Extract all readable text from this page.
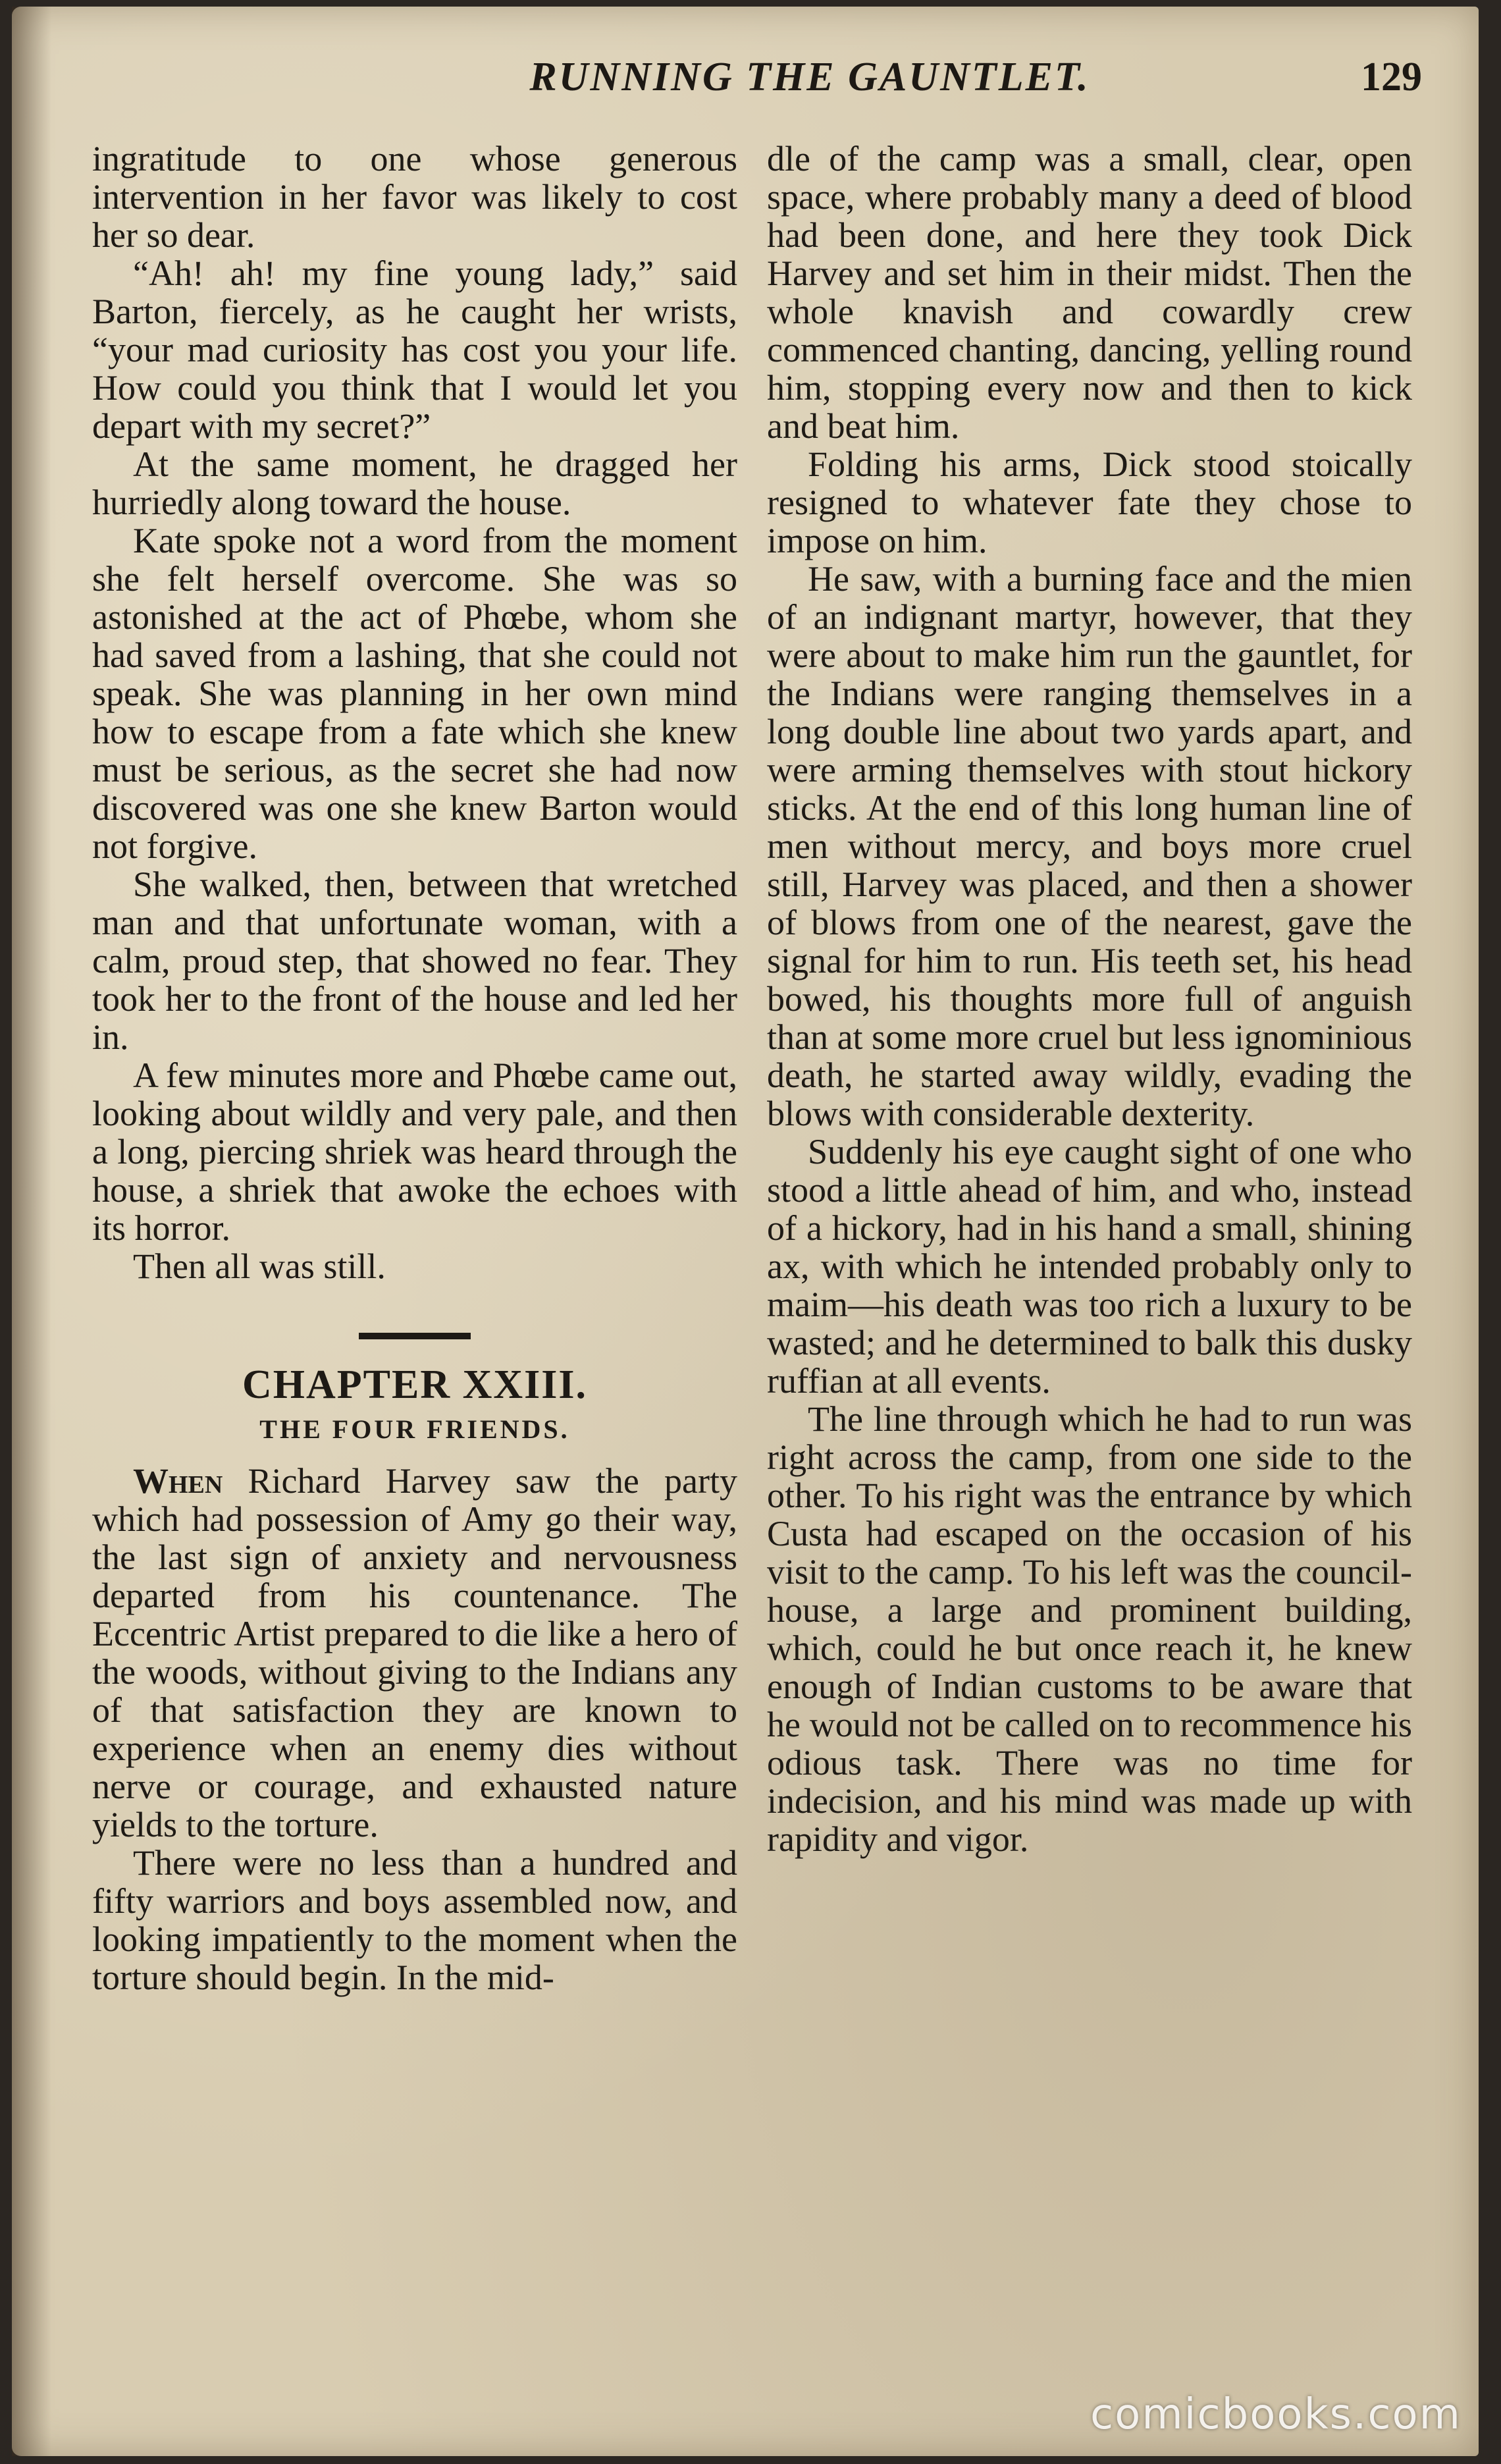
RUNNING THE GAUNTLET.	129

ingratitude to one whose generous intervention in her favor was likely to cost her so dear.

“Ah! ah! my fine young lady,” said Barton, fiercely, as he caught her wrists, “your mad curiosity has cost you your life. How could you think that I would let you depart with my secret?”

At the same moment, he dragged her hurriedly along toward the house.

Kate spoke not a word from the moment she felt herself overcome. She was so astonished at the act of Phœbe, whom she had saved from a lashing, that she could not speak. She was planning in her own mind how to escape from a fate which she knew must be serious, as the secret she had now discovered was one she knew Barton would not forgive.

She walked, then, between that wretched man and that unfortunate woman, with a calm, proud step, that showed no fear. They took her to the front of the house and led her in.

A few minutes more and Phœbe came out, looking about wildly and very pale, and then a long, piercing shriek was heard through the house, a shriek that awoke the echoes with its horror.

Then all was still.

CHAPTER XXIII.
THE FOUR FRIENDS.

When Richard Harvey saw the party which had possession of Amy go their way, the last sign of anxiety and nervousness departed from his countenance. The Eccentric Artist prepared to die like a hero of the woods, without giving to the Indians any of that satisfaction they are known to experience when an enemy dies without nerve or courage, and exhausted nature yields to the torture.

There were no less than a hundred and fifty warriors and boys assembled now, and looking impatiently to the moment when the torture should begin. In the mid-

dle of the camp was a small, clear, open space, where probably many a deed of blood had been done, and here they took Dick Harvey and set him in their midst. Then the whole knavish and cowardly crew commenced chanting, dancing, yelling round him, stopping every now and then to kick and beat him.

Folding his arms, Dick stood stoically resigned to whatever fate they chose to impose on him.

He saw, with a burning face and the mien of an indignant martyr, however, that they were about to make him run the gauntlet, for the Indians were ranging themselves in a long double line about two yards apart, and were arming themselves with stout hickory sticks. At the end of this long human line of men without mercy, and boys more cruel still, Harvey was placed, and then a shower of blows from one of the nearest, gave the signal for him to run. His teeth set, his head bowed, his thoughts more full of anguish than at some more cruel but less ignominious death, he started away wildly, evading the blows with considerable dexterity.

Suddenly his eye caught sight of one who stood a little ahead of him, and who, instead of a hickory, had in his hand a small, shining ax, with which he intended probably only to maim—his death was too rich a luxury to be wasted; and he determined to balk this dusky ruffian at all events.

The line through which he had to run was right across the camp, from one side to the other. To his right was the entrance by which Custa had escaped on the occasion of his visit to the camp. To his left was the council-house, a large and prominent building, which, could he but once reach it, he knew enough of Indian customs to be aware that he would not be called on to recommence his odious task. There was no time for indecision, and his mind was made up with rapidity and vigor.

comicbooks.com
